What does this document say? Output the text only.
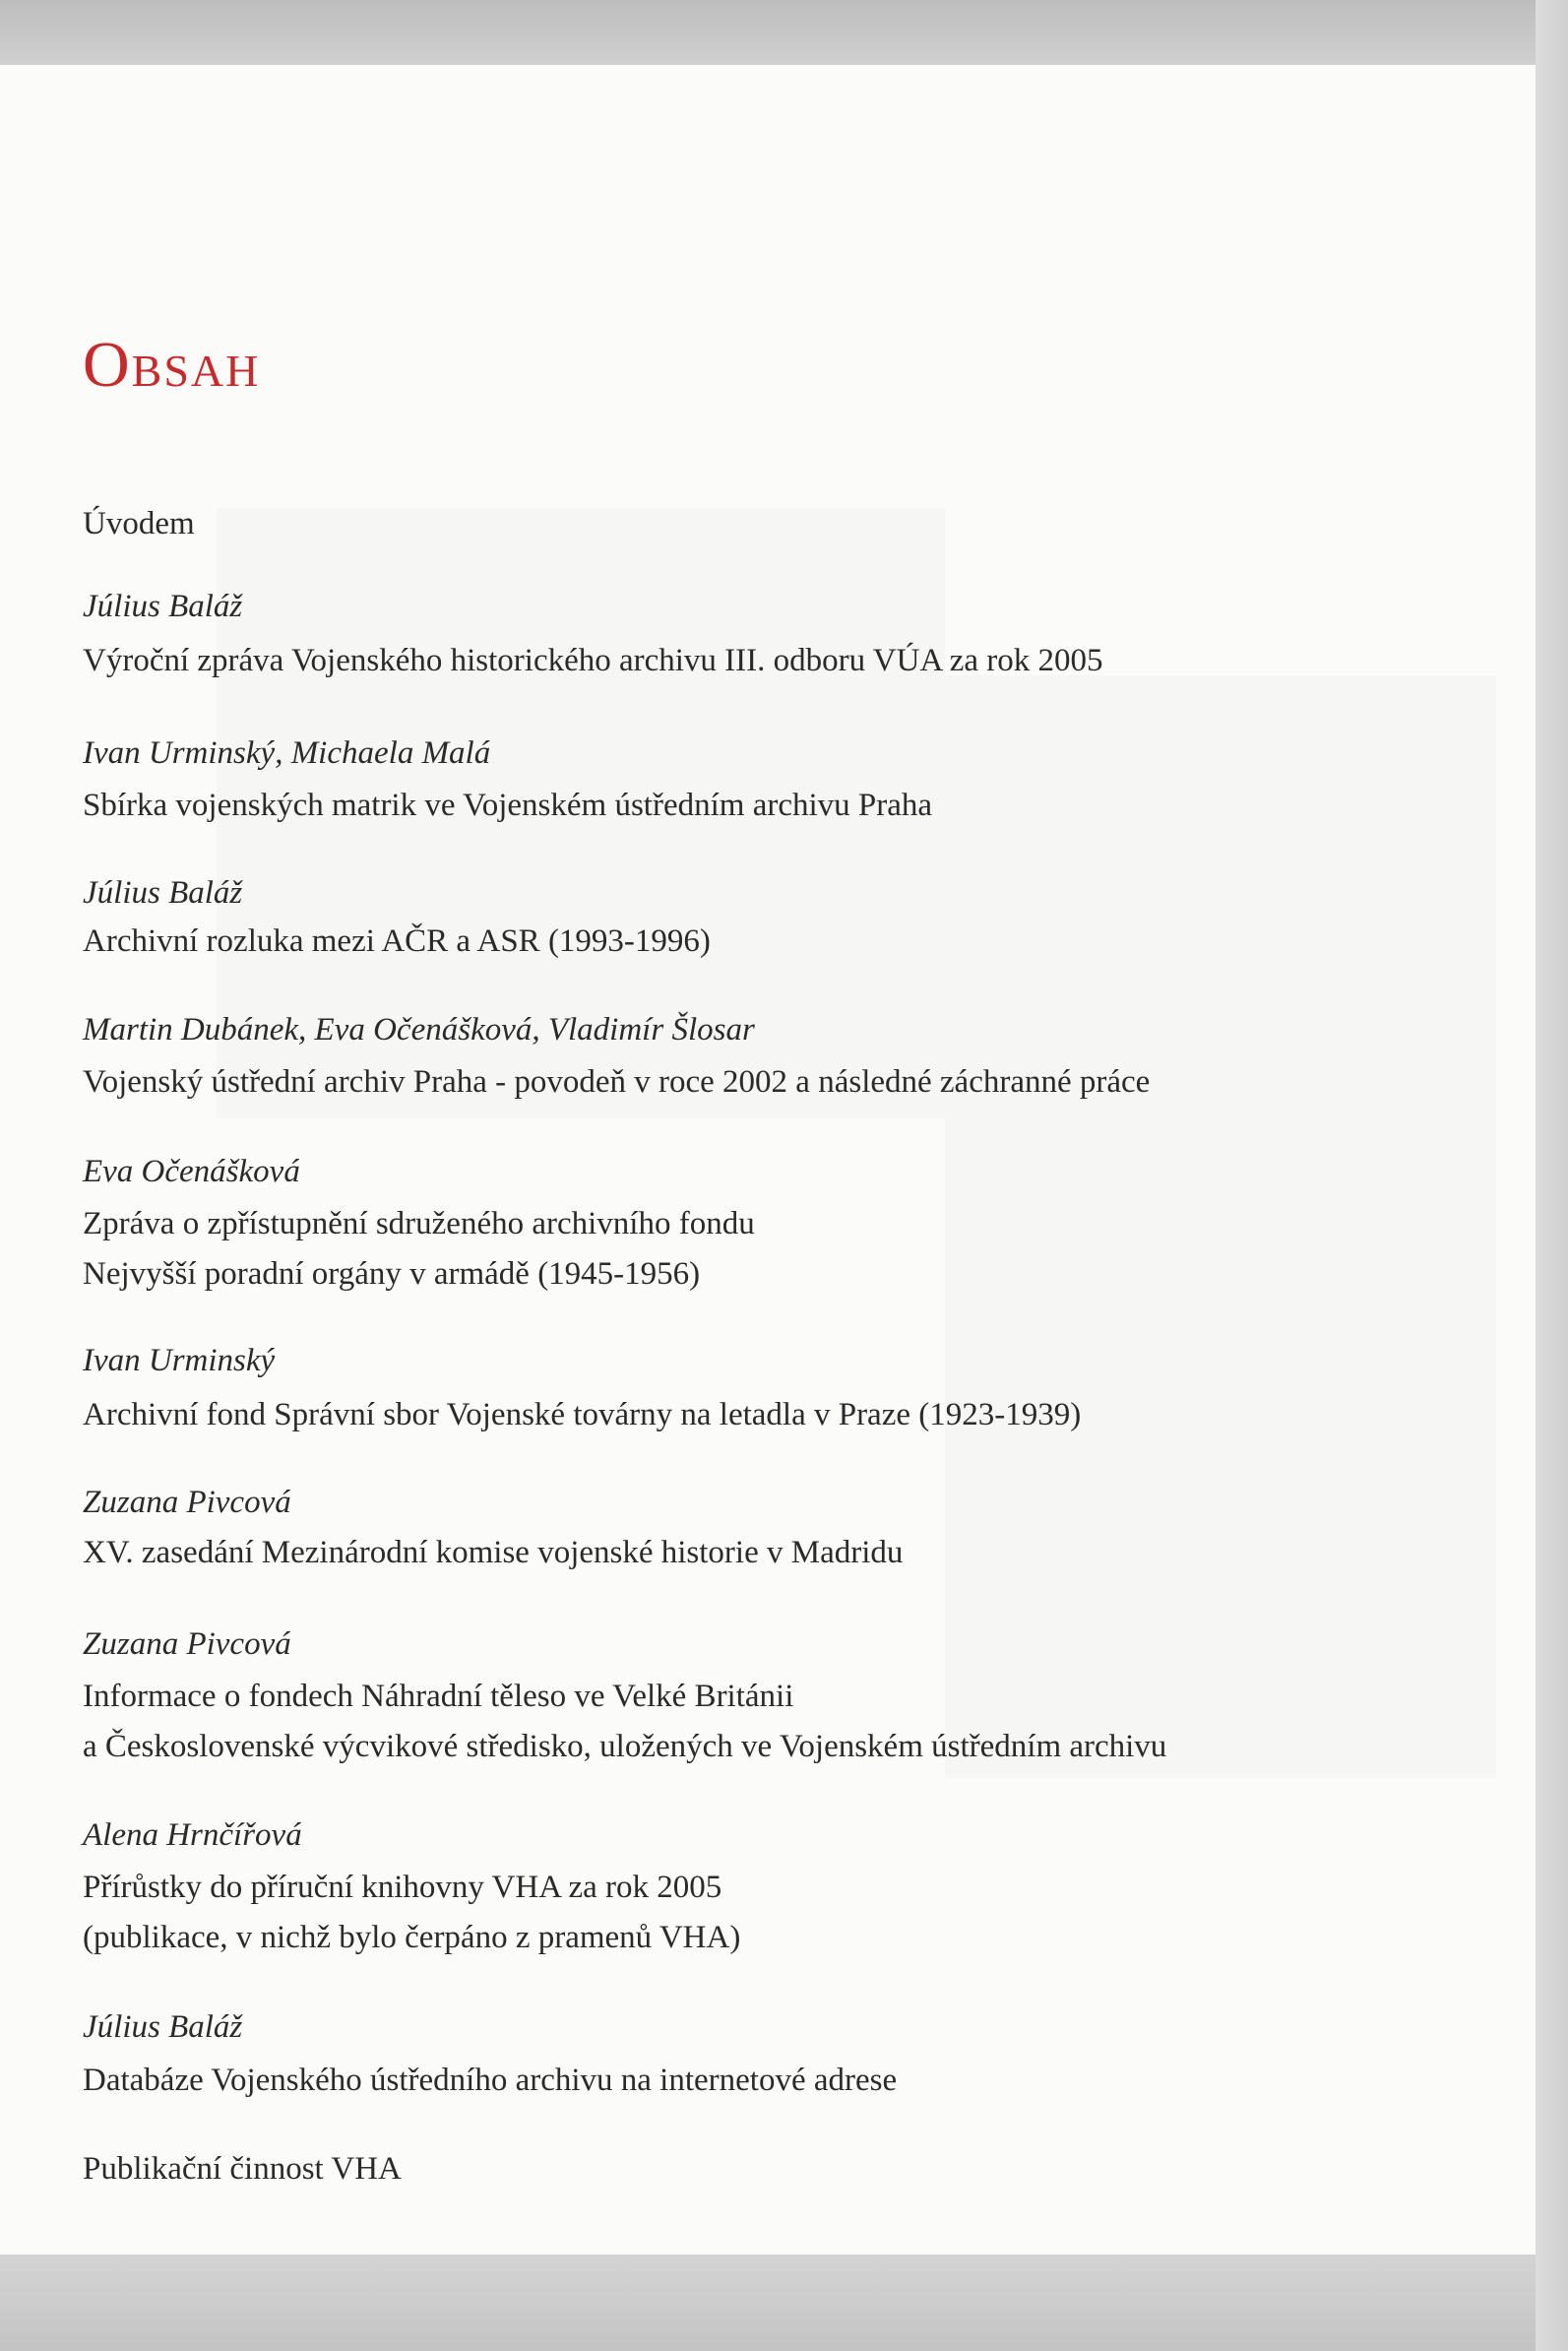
Obsah
Úvodem
Július Baláž
Výroční zpráva Vojenského historického archivu III. odboru VÚA za rok 2005
Ivan Urminský, Michaela Malá
Sbírka vojenských matrik ve Vojenském ústředním archivu Praha
Július Baláž
Archivní rozluka mezi AČR a ASR (1993-1996)
Martin Dubánek, Eva Očenášková, Vladimír Šlosar
Vojenský ústřední archiv Praha - povodeň v roce 2002 a následné záchranné práce
Eva Očenášková
Zpráva o zpřístupnění sdruženého archivního fondu
Nejvyšší poradní orgány v armádě (1945-1956)
Ivan Urminský
Archivní fond Správní sbor Vojenské továrny na letadla v Praze (1923-1939)
Zuzana Pivcová
XV. zasedání Mezinárodní komise vojenské historie v Madridu
Zuzana Pivcová
Informace o fondech Náhradní těleso ve Velké Británii
a Československé výcvikové středisko, uložených ve Vojenském ústředním archivu
Alena Hrnčířová
Přírůstky do příruční knihovny VHA za rok 2005
(publikace, v nichž bylo čerpáno z pramenů VHA)
Július Baláž
Databáze Vojenského ústředního archivu na internetové adrese
Publikační činnost VHA
